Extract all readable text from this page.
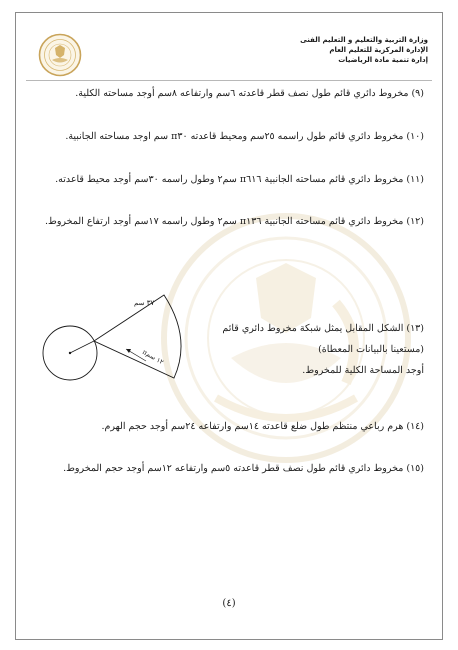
وزارة التربية والتعليم و التعليم الفنى
الإدارة المركزية للتعليم العام
إدارة تنمية مادة الرياضيات
(٩) مخروط دائري قائم طول نصف قطر قاعدته ٦سم وارتفاعه ٨سم أوجد مساحته الكلية.
(١٠) مخروط دائري قائم طول راسمه ٢٥سم ومحيط قاعدته π٣٠ سم اوجد مساحته الجانبية.
(١١) مخروط دائري قائم مساحته الجانبية π٦١٦ سم٢ وطول راسمه ٣٠سم أوجد محيط قاعدته.
(١٢) مخروط دائري قائم مساحته الجانبية π١٣٦ سم٢ وطول راسمه ١٧سم أوجد ارتفاع المخروط.
(١٣) الشكل المقابل يمثل شبكة مخروط دائري قائم
(مستعينا بالبيانات المعطاة)
أوجد المساحة الكلية للمخروط.
٣٧ سم
π١٢ سم
(١٤) هرم رباعي منتظم طول ضلع قاعدته ١٤سم وارتفاعه ٢٤سم أوجد حجم الهرم.
(١٥) مخروط دائري قائم طول نصف قطر قاعدته ٥سم وارتفاعه ١٢سم أوجد حجم المخروط.
(٤)
